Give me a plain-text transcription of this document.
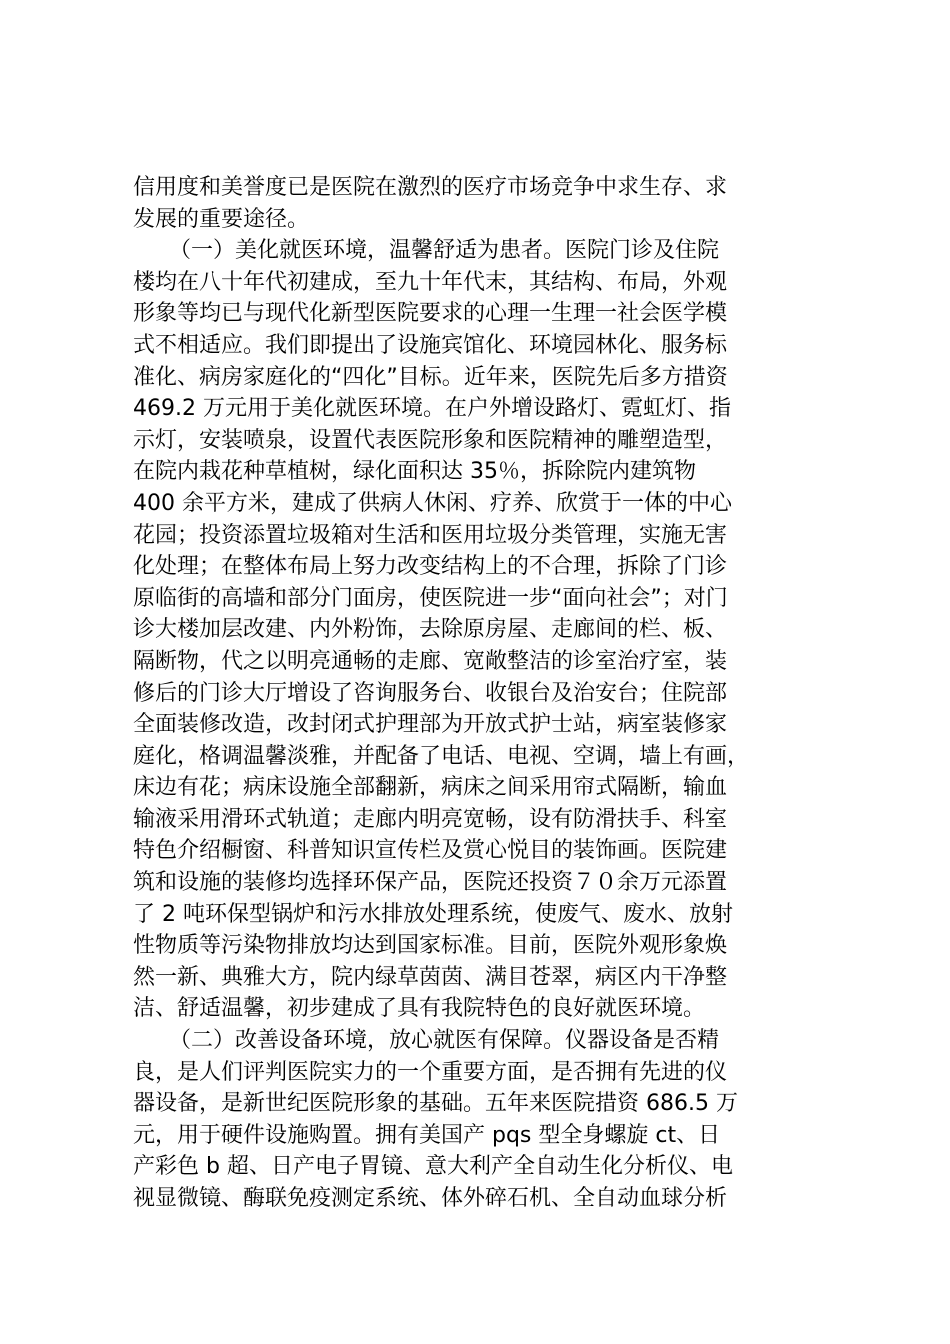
信用度和美誉度已是医院在激烈的医疗市场竞争中求生存、求
发展的重要途径。
（一）美化就医环境，温馨舒适为患者。医院门诊及住院
楼均在八十年代初建成，至九十年代末，其结构、布局，外观
形象等均已与现代化新型医院要求的心理一生理一社会医学模
式不相适应。我们即提出了设施宾馆化、环境园林化、服务标
准化、病房家庭化的“四化”目标。近年来，医院先后多方措资
469.2 万元用于美化就医环境。在户外增设路灯、霓虹灯、指
示灯，安装喷泉，设置代表医院形象和医院精神的雕塑造型，
在院内栽花种草植树，绿化面积达 35％，拆除院内建筑物
400 余平方米，建成了供病人休闲、疗养、欣赏于一体的中心
花园；投资添置垃圾箱对生活和医用垃圾分类管理，实施无害
化处理；在整体布局上努力改变结构上的不合理，拆除了门诊
原临街的高墙和部分门面房，使医院进一步“面向社会”；对门
诊大楼加层改建、内外粉饰，去除原房屋、走廊间的栏、板、
隔断物，代之以明亮通畅的走廊、宽敞整洁的诊室治疗室，装
修后的门诊大厅增设了咨询服务台、收银台及治安台；住院部
全面装修改造，改封闭式护理部为开放式护士站，病室装修家
庭化，格调温馨淡雅，并配备了电话、电视、空调，墙上有画，
床边有花；病床设施全部翻新，病床之间采用帘式隔断，输血
输液采用滑环式轨道；走廊内明亮宽畅，设有防滑扶手、科室
特色介绍橱窗、科普知识宣传栏及赏心悦目的装饰画。医院建
筑和设施的装修均选择环保产品，医院还投资７０余万元添置
了 2 吨环保型锅炉和污水排放处理系统，使废气、废水、放射
性物质等污染物排放均达到国家标准。目前，医院外观形象焕
然一新、典雅大方，院内绿草茵茵、满目苍翠，病区内干净整
洁、舒适温馨，初步建成了具有我院特色的良好就医环境。
（二）改善设备环境，放心就医有保障。仪器设备是否精
良，是人们评判医院实力的一个重要方面，是否拥有先进的仪
器设备，是新世纪医院形象的基础。五年来医院措资 686.5 万
元，用于硬件设施购置。拥有美国产 pqs 型全身螺旋 ct、日
产彩色 b 超、日产电子胃镜、意大利产全自动生化分析仪、电
视显微镜、酶联免疫测定系统、体外碎石机、全自动血球分析
